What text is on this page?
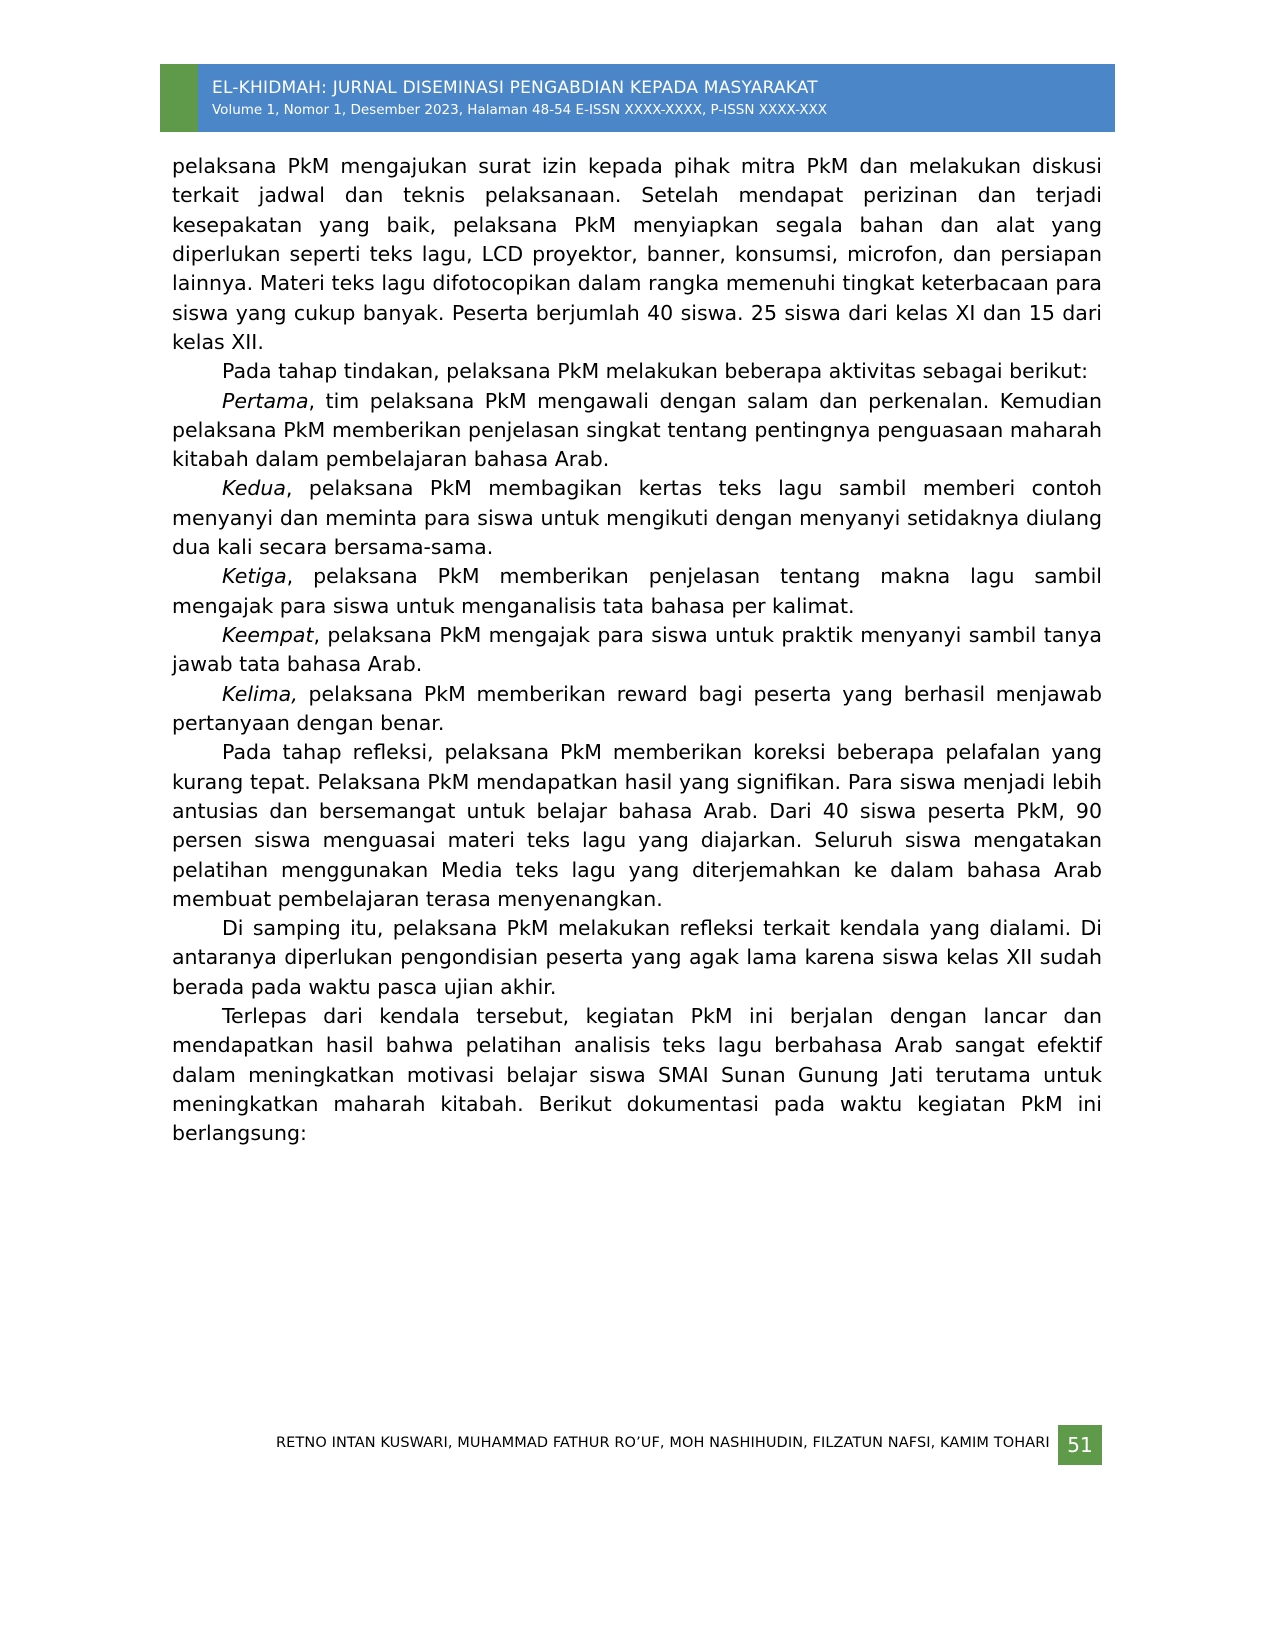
EL-KHIDMAH: JURNAL DISEMINASI PENGABDIAN KEPADA MASYARAKAT
Volume 1, Nomor 1, Desember 2023, Halaman 48-54 E-ISSN XXXX-XXXX, P-ISSN XXXX-XXX

pelaksana PkM mengajukan surat izin kepada pihak mitra PkM dan melakukan diskusi terkait jadwal dan teknis pelaksanaan. Setelah mendapat perizinan dan terjadi kesepakatan yang baik, pelaksana PkM menyiapkan segala bahan dan alat yang diperlukan seperti teks lagu, LCD proyektor, banner, konsumsi, microfon, dan persiapan lainnya. Materi teks lagu difotocopikan dalam rangka memenuhi tingkat keterbacaan para siswa yang cukup banyak. Peserta berjumlah 40 siswa. 25 siswa dari kelas XI dan 15 dari kelas XII.

Pada tahap tindakan, pelaksana PkM melakukan beberapa aktivitas sebagai berikut:

Pertama, tim pelaksana PkM mengawali dengan salam dan perkenalan. Kemudian pelaksana PkM memberikan penjelasan singkat tentang pentingnya penguasaan maharah kitabah dalam pembelajaran bahasa Arab.

Kedua, pelaksana PkM membagikan kertas teks lagu sambil memberi contoh menyanyi dan meminta para siswa untuk mengikuti dengan menyanyi setidaknya diulang dua kali secara bersama-sama.

Ketiga, pelaksana PkM memberikan penjelasan tentang makna lagu sambil mengajak para siswa untuk menganalisis tata bahasa per kalimat.

Keempat, pelaksana PkM mengajak para siswa untuk praktik menyanyi sambil tanya jawab tata bahasa Arab.

Kelima, pelaksana PkM memberikan reward bagi peserta yang berhasil menjawab pertanyaan dengan benar.

Pada tahap refleksi, pelaksana PkM memberikan koreksi beberapa pelafalan yang kurang tepat. Pelaksana PkM mendapatkan hasil yang signifikan. Para siswa menjadi lebih antusias dan bersemangat untuk belajar bahasa Arab. Dari 40 siswa peserta PkM, 90 persen siswa menguasai materi teks lagu yang diajarkan. Seluruh siswa mengatakan pelatihan menggunakan Media teks lagu yang diterjemahkan ke dalam bahasa Arab membuat pembelajaran terasa menyenangkan.

Di samping itu, pelaksana PkM melakukan refleksi terkait kendala yang dialami. Di antaranya diperlukan pengondisian peserta yang agak lama karena siswa kelas XII sudah berada pada waktu pasca ujian akhir.

Terlepas dari kendala tersebut, kegiatan PkM ini berjalan dengan lancar dan mendapatkan hasil bahwa pelatihan analisis teks lagu berbahasa Arab sangat efektif dalam meningkatkan motivasi belajar siswa SMAI Sunan Gunung Jati terutama untuk meningkatkan maharah kitabah. Berikut dokumentasi pada waktu kegiatan PkM ini berlangsung:

RETNO INTAN KUSWARI, MUHAMMAD FATHUR RO’UF, MOH NASHIHUDIN, FILZATUN NAFSI, KAMIM TOHARI 51
